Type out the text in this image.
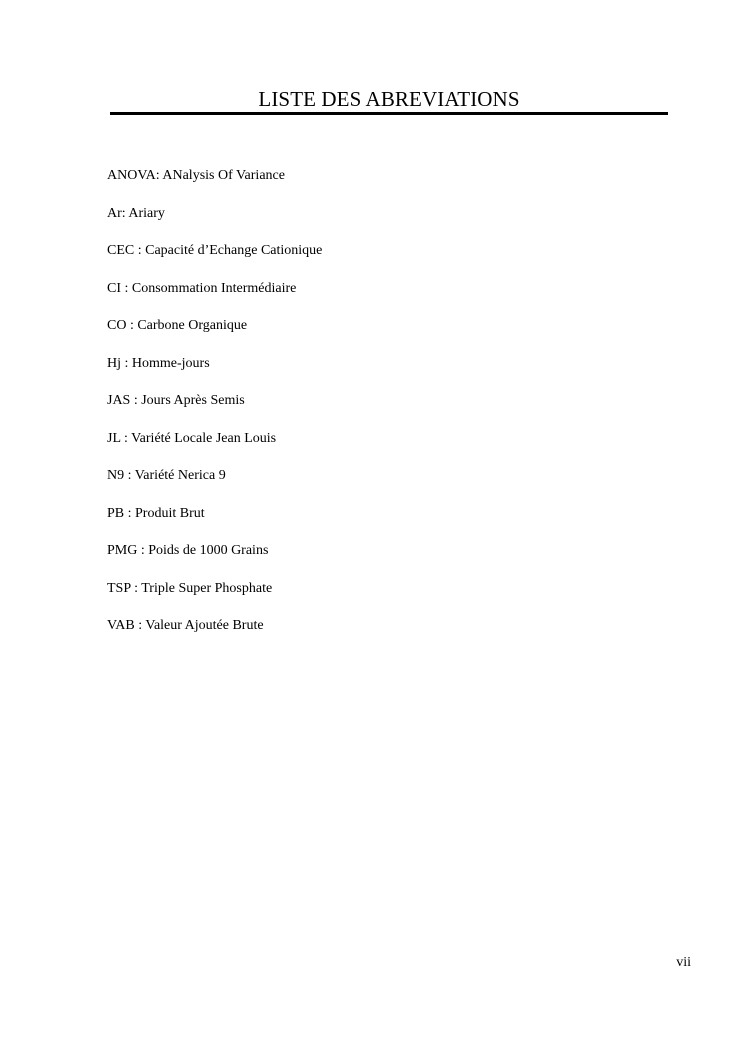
LISTE DES ABREVIATIONS
ANOVA: ANalysis Of Variance
Ar: Ariary
CEC : Capacité d’Echange Cationique
CI : Consommation Intermédiaire
CO : Carbone Organique
Hj : Homme-jours
JAS : Jours Après Semis
JL : Variété Locale Jean Louis
N9 : Variété Nerica 9
PB : Produit Brut
PMG : Poids de 1000 Grains
TSP : Triple Super Phosphate
VAB : Valeur Ajoutée Brute
vii
